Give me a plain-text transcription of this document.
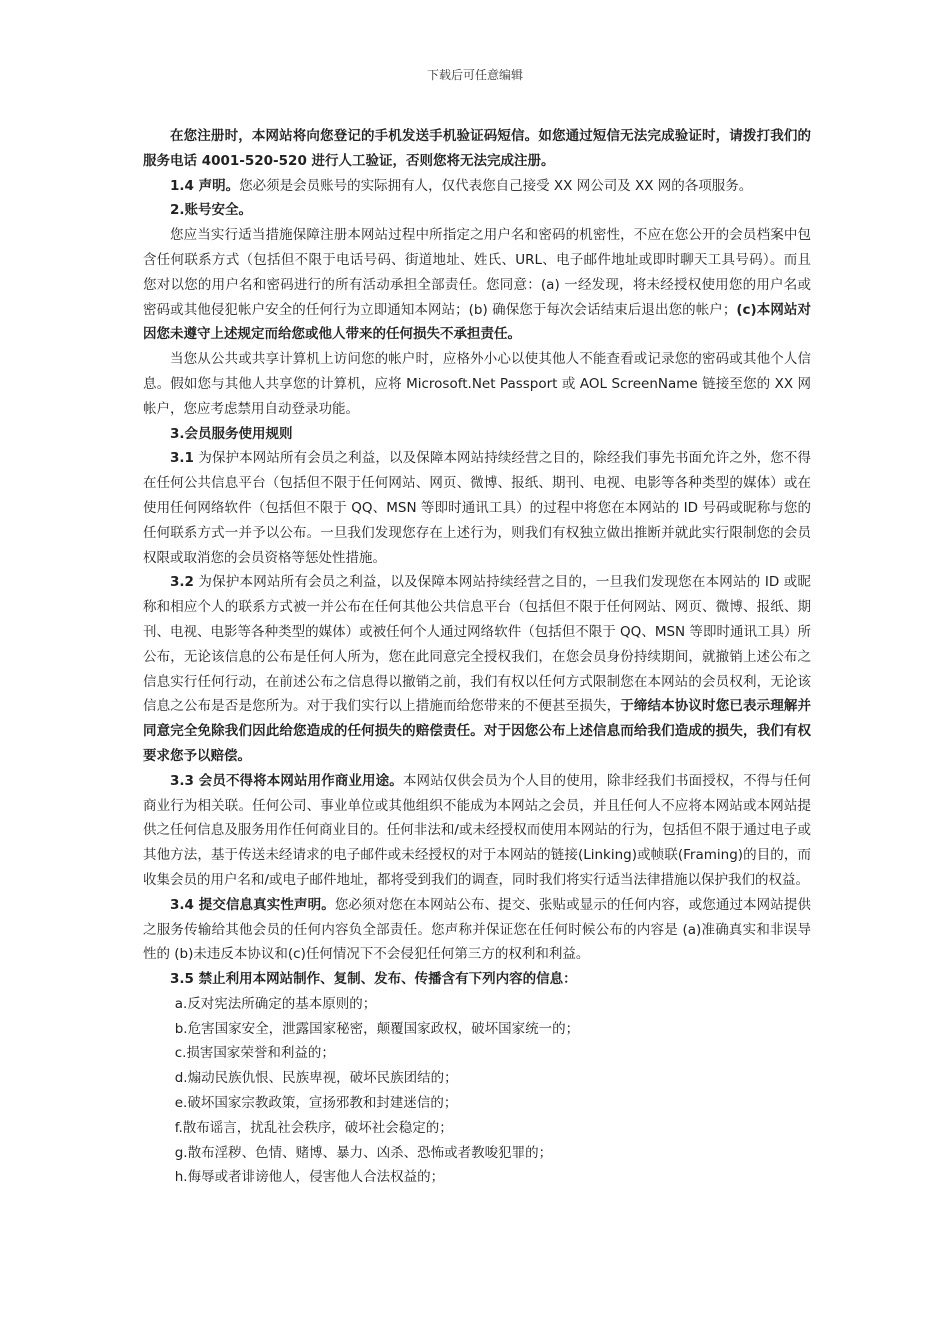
下载后可任意编辑

在您注册时，本网站将向您登记的手机发送手机验证码短信。如您通过短信无法完成验证时，请拨打我们的服务电话 4001-520-520 进行人工验证，否则您将无法完成注册。

1.4 声明。您必须是会员账号的实际拥有人，仅代表您自己接受 XX 网公司及 XX 网的各项服务。

2.账号安全。

您应当实行适当措施保障注册本网站过程中所指定之用户名和密码的机密性，不应在您公开的会员档案中包含任何联系方式（包括但不限于电话号码、街道地址、姓氏、URL、电子邮件地址或即时聊天工具号码）。而且您对以您的用户名和密码进行的所有活动承担全部责任。您同意：(a) 一经发现，将未经授权使用您的用户名或密码或其他侵犯帐户安全的任何行为立即通知本网站；(b) 确保您于每次会话结束后退出您的帐户；(c)本网站对因您未遵守上述规定而给您或他人带来的任何损失不承担责任。

当您从公共或共享计算机上访问您的帐户时，应格外小心以使其他人不能查看或记录您的密码或其他个人信息。假如您与其他人共享您的计算机，应将 Microsoft.Net Passport 或 AOL ScreenName 链接至您的 XX 网帐户，您应考虑禁用自动登录功能。

3.会员服务使用规则

3.1 为保护本网站所有会员之利益，以及保障本网站持续经营之目的，除经我们事先书面允许之外，您不得在任何公共信息平台（包括但不限于任何网站、网页、微博、报纸、期刊、电视、电影等各种类型的媒体）或在使用任何网络软件（包括但不限于 QQ、MSN 等即时通讯工具）的过程中将您在本网站的 ID 号码或昵称与您的任何联系方式一并予以公布。一旦我们发现您存在上述行为，则我们有权独立做出推断并就此实行限制您的会员权限或取消您的会员资格等惩处性措施。

3.2 为保护本网站所有会员之利益，以及保障本网站持续经营之目的，一旦我们发现您在本网站的 ID 或昵称和相应个人的联系方式被一并公布在任何其他公共信息平台（包括但不限于任何网站、网页、微博、报纸、期刊、电视、电影等各种类型的媒体）或被任何个人通过网络软件（包括但不限于 QQ、MSN 等即时通讯工具）所公布，无论该信息的公布是任何人所为，您在此同意完全授权我们，在您会员身份持续期间，就撤销上述公布之信息实行任何行动，在前述公布之信息得以撤销之前，我们有权以任何方式限制您在本网站的会员权利，无论该信息之公布是否是您所为。对于我们实行以上措施而给您带来的不便甚至损失，于缔结本协议时您已表示理解并同意完全免除我们因此给您造成的任何损失的赔偿责任。对于因您公布上述信息而给我们造成的损失，我们有权要求您予以赔偿。

3.3 会员不得将本网站用作商业用途。本网站仅供会员为个人目的使用，除非经我们书面授权，不得与任何商业行为相关联。任何公司、事业单位或其他组织不能成为本网站之会员，并且任何人不应将本网站或本网站提供之任何信息及服务用作任何商业目的。任何非法和/或未经授权而使用本网站的行为，包括但不限于通过电子或其他方法，基于传送未经请求的电子邮件或未经授权的对于本网站的链接(Linking)或帧联(Framing)的目的，而收集会员的用户名和/或电子邮件地址，都将受到我们的调查，同时我们将实行适当法律措施以保护我们的权益。

3.4 提交信息真实性声明。您必须对您在本网站公布、提交、张贴或显示的任何内容，或您通过本网站提供之服务传输给其他会员的任何内容负全部责任。您声称并保证您在任何时候公布的内容是 (a)准确真实和非误导性的 (b)未违反本协议和(c)任何情况下不会侵犯任何第三方的权利和利益。

3.5 禁止利用本网站制作、复制、发布、传播含有下列内容的信息：

a.反对宪法所确定的基本原则的；

b.危害国家安全，泄露国家秘密，颠覆国家政权，破坏国家统一的；

c.损害国家荣誉和利益的；

d.煽动民族仇恨、民族卑视，破坏民族团结的；

e.破坏国家宗教政策，宣扬邪教和封建迷信的；

f.散布谣言，扰乱社会秩序，破坏社会稳定的；

g.散布淫秽、色情、赌博、暴力、凶杀、恐怖或者教唆犯罪的；

h.侮辱或者诽谤他人，侵害他人合法权益的；
